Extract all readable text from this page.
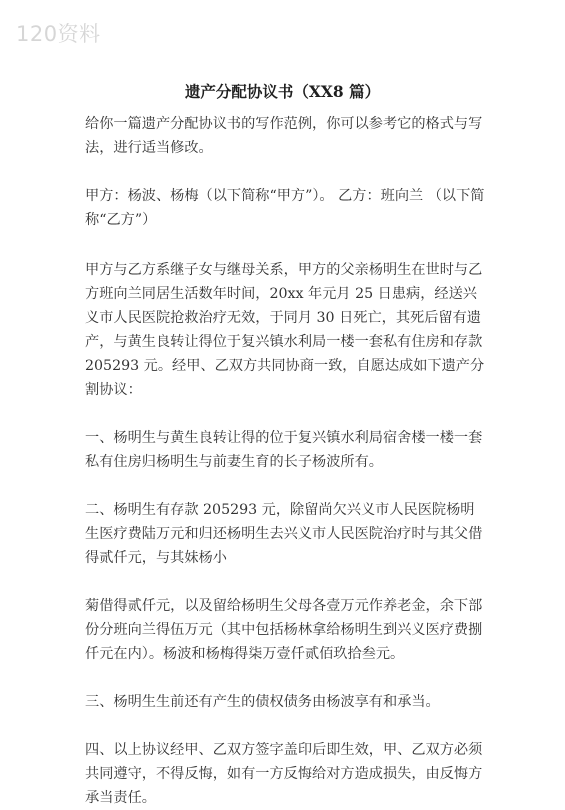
120资料
遗产分配协议书（XX8 篇）

给你一篇遗产分配协议书的写作范例，你可以参考它的格式与写法，进行适当修改。

甲方：杨波、杨梅（以下简称“甲方”）。 乙方：班向兰 （以下简称“乙方”）

甲方与乙方系继子女与继母关系，甲方的父亲杨明生在世时与乙方班向兰同居生活数年时间，20xx 年元月 25 日患病，经送兴义市人民医院抢救治疗无效，于同月 30 日死亡，其死后留有遗产，与黄生良转让得位于复兴镇水利局一楼一套私有住房和存款 205293 元。经甲、乙双方共同协商一致，自愿达成如下遗产分割协议：

一、杨明生与黄生良转让得的位于复兴镇水利局宿舍楼一楼一套私有住房归杨明生与前妻生育的长子杨波所有。

二、杨明生有存款 205293 元，除留尚欠兴义市人民医院杨明生医疗费陆万元和归还杨明生去兴义市人民医院治疗时与其父借得贰仟元，与其妹杨小

菊借得贰仟元，以及留给杨明生父母各壹万元作养老金，余下部份分班向兰得伍万元（其中包括杨林拿给杨明生到兴义医疗费捌仟元在内）。杨波和杨梅得柒万壹仟贰佰玖拾叁元。

三、杨明生生前还有产生的债权债务由杨波享有和承当。

四、以上协议经甲、乙双方签字盖印后即生效，甲、乙双方必须共同遵守，不得反悔，如有一方反悔给对方造成损失，由反悔方承当责任。
